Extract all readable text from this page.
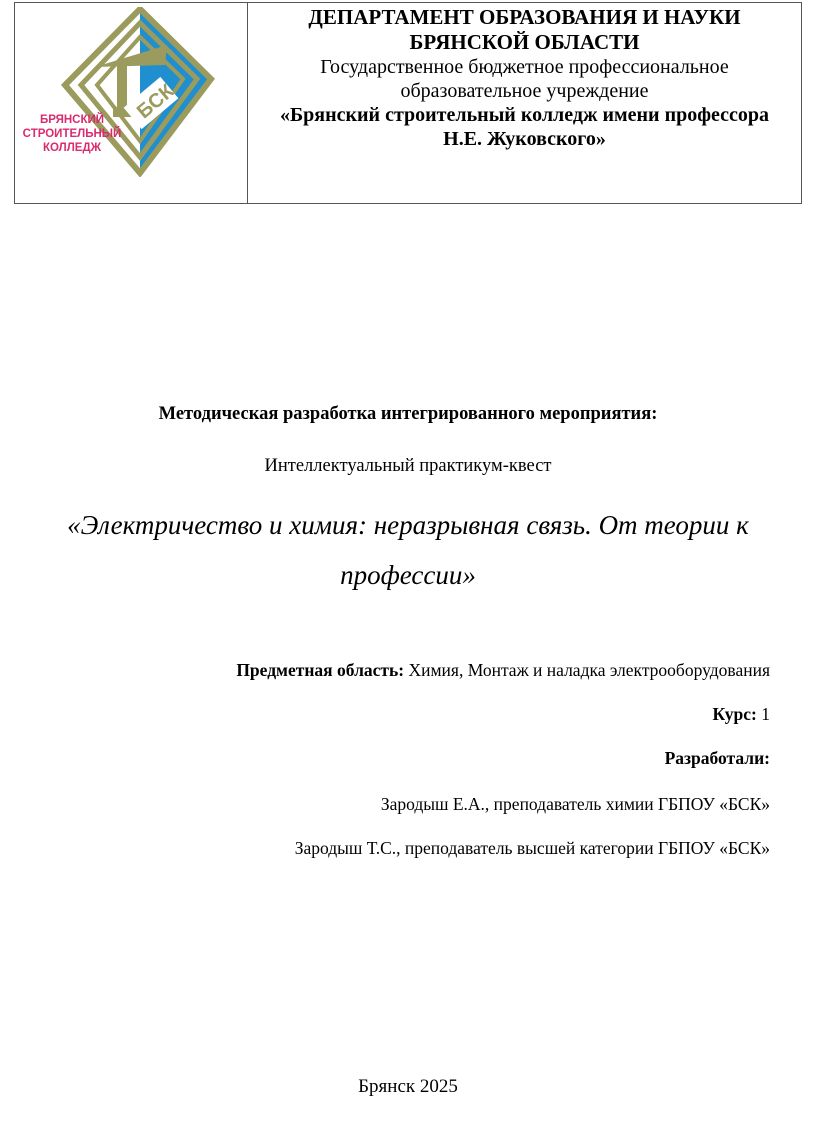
БСК
БРЯНСКИЙ
СТРОИТЕЛЬНЫЙ
КОЛЛЕДЖ
ДЕПАРТАМЕНТ ОБРАЗОВАНИЯ И НАУКИ
БРЯНСКОЙ ОБЛАСТИ
Государственное бюджетное профессиональное
образовательное учреждение
«Брянский строительный колледж имени профессора
Н.Е. Жуковского»
Методическая разработка интегрированного мероприятия:
Интеллектуальный практикум-квест
«Электричество и химия: неразрывная связь. От теории к
профессии»
Предметная область: Химия, Монтаж и наладка электрооборудования
Курс: 1
Разработали:
Зародыш Е.А., преподаватель химии ГБПОУ «БСК»
Зародыш Т.С., преподаватель высшей категории ГБПОУ «БСК»
Брянск 2025
